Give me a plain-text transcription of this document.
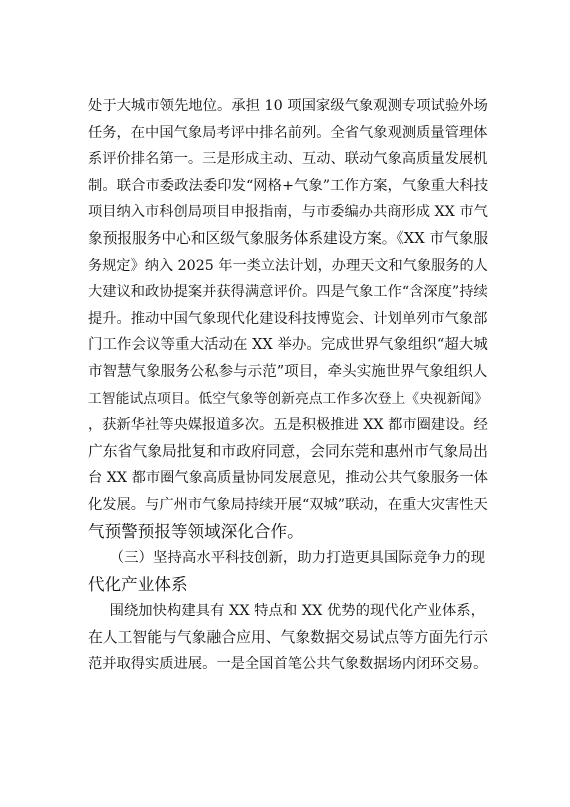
处于大城市领先地位。承担 10 项国家级气象观测专项试验外场
任务，在中国气象局考评中排名前列。全省气象观测质量管理体
系评价排名第一。三是形成主动、互动、联动气象高质量发展机
制。联合市委政法委印发“网格+气象”工作方案，气象重大科技
项目纳入市科创局项目申报指南，与市委编办共商形成 XX 市气
象预报服务中心和区级气象服务体系建设方案。《XX 市气象服
务规定》纳入 2025 年一类立法计划，办理天文和气象服务的人
大建议和政协提案并获得满意评价。四是气象工作“含深度”持续
提升。推动中国气象现代化建设科技博览会、计划单列市气象部
门工作会议等重大活动在 XX 举办。完成世界气象组织“超大城
市智慧气象服务公私参与示范”项目，牵头实施世界气象组织人
工智能试点项目。低空气象等创新亮点工作多次登上《央视新闻》
，获新华社等央媒报道多次。五是积极推进 XX 都市圈建设。经
广东省气象局批复和市政府同意，会同东莞和惠州市气象局出
台 XX 都市圈气象高质量协同发展意见，推动公共气象服务一体
化发展。与广州市气象局持续开展“双城”联动，在重大灾害性天
气预警预报等领域深化合作。
（三）坚持高水平科技创新，助力打造更具国际竞争力的现
代化产业体系
围绕加快构建具有 XX 特点和 XX 优势的现代化产业体系，
在人工智能与气象融合应用、气象数据交易试点等方面先行示
范并取得实质进展。一是全国首笔公共气象数据场内闭环交易。
